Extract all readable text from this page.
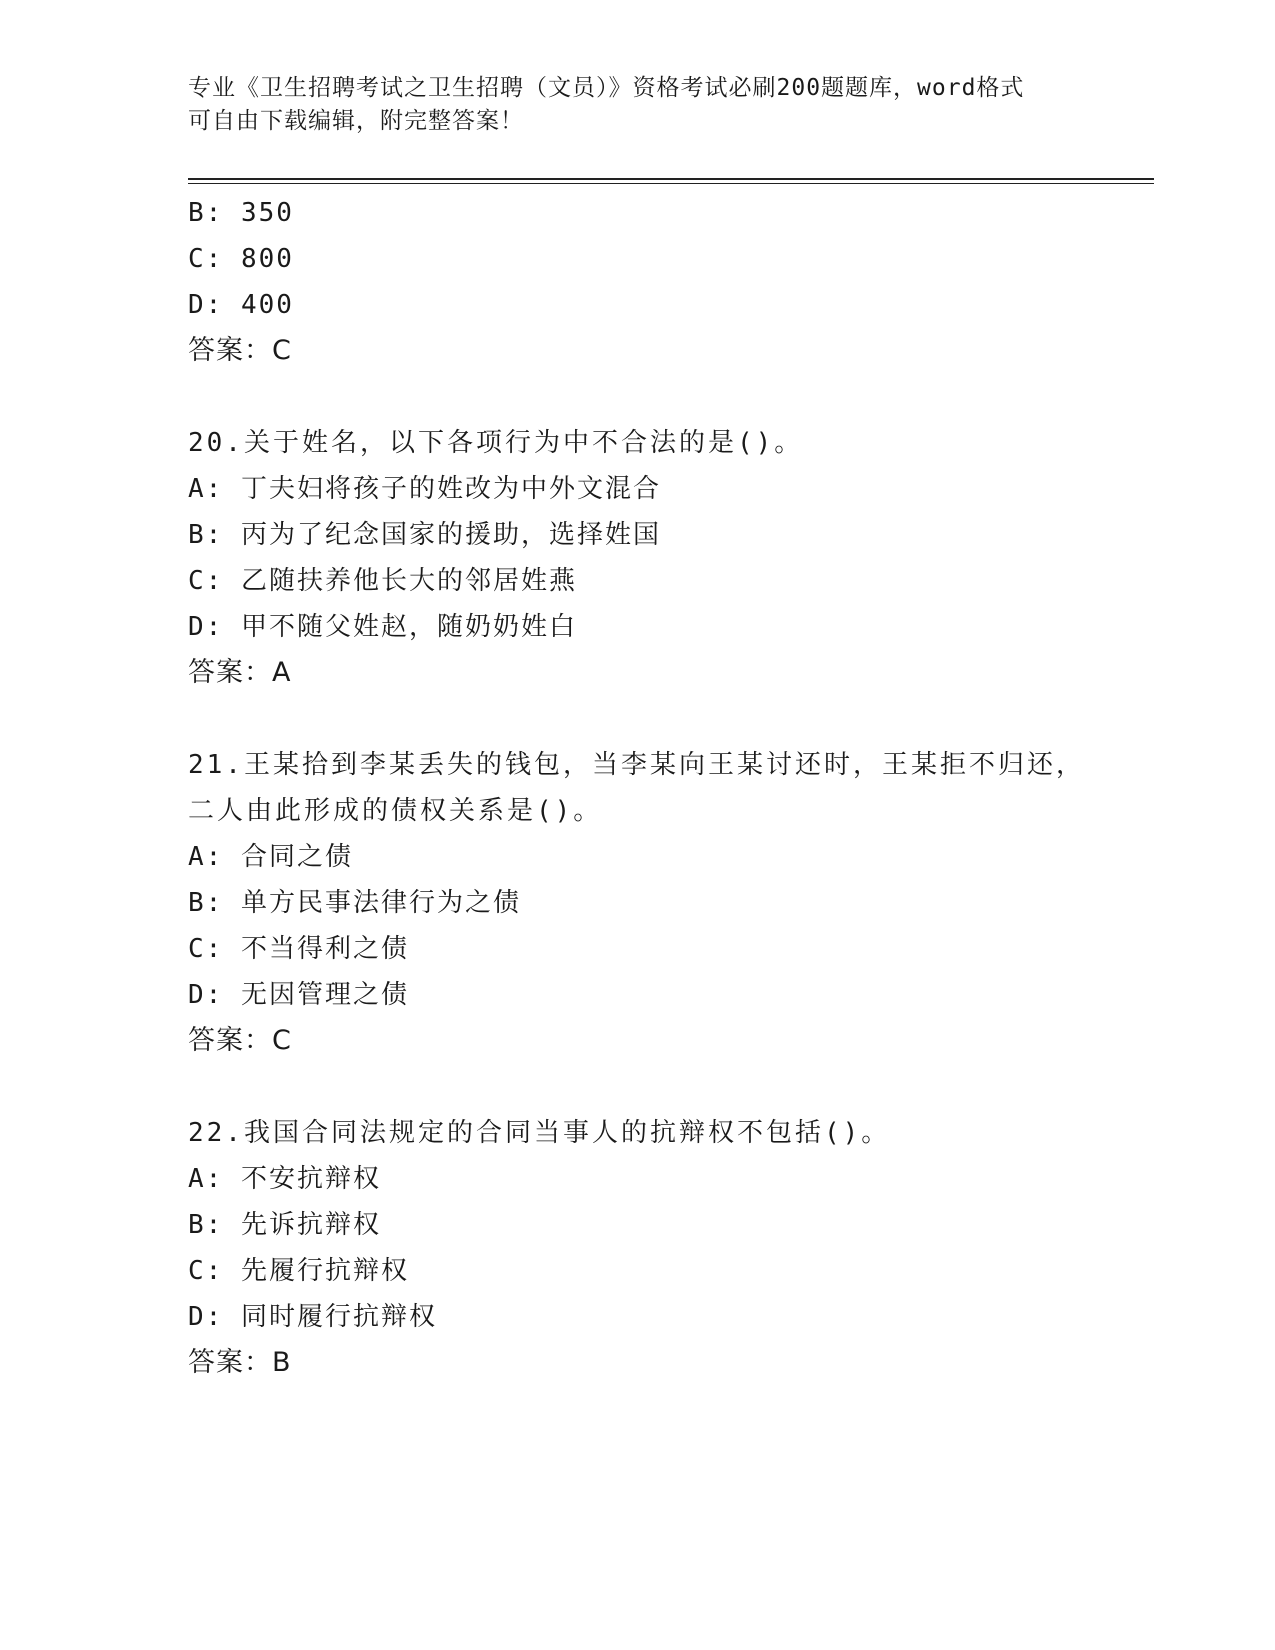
专业《卫生招聘考试之卫生招聘（文员）》资格考试必刷200题题库，word格式
可自由下载编辑，附完整答案！
B: 350
C: 800
D: 400
答案：C
20.关于姓名，以下各项行为中不合法的是()。
A: 丁夫妇将孩子的姓改为中外文混合
B: 丙为了纪念国家的援助，选择姓国
C: 乙随扶养他长大的邻居姓燕
D: 甲不随父姓赵，随奶奶姓白
答案：A
21.王某拾到李某丢失的钱包，当李某向王某讨还时，王某拒不归还，
二人由此形成的债权关系是()。
A: 合同之债
B: 单方民事法律行为之债
C: 不当得利之债
D: 无因管理之债
答案：C
22.我国合同法规定的合同当事人的抗辩权不包括()。
A: 不安抗辩权
B: 先诉抗辩权
C: 先履行抗辩权
D: 同时履行抗辩权
答案：B
